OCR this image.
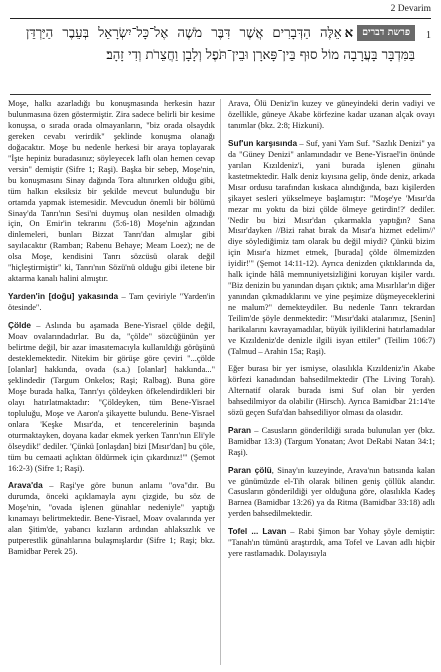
2 Devarim
1
פרשת דבריםאאֵלֶּה הַדְּבָרִים אֲשֶׁר דִּבֶּר מֹשֶׁה אֶל־כָּל־יִשְׂרָאֵל בְּעֵבֶר הַיַּרְדֵּן בַּמִּדְבָּר בָּעֲרָבָה מוֹל סוּף בֵּין־פָּארָן וּבֵין־תֹּפֶל וְלָבָן וַחֲצֵרֹת וְדִי זָהָב׃

Moşe, halkı azarladığı bu konuşmasında herkesin hazır bulunmasına özen göstermiştir. Zira sadece belirli bir kesime konuşsa, o sırada orada olmayanların, "biz orada olsaydık gereken cevabı verirdik" şeklinde konuşma olanağı doğacaktır. Moşe bu nedenle herkesi bir araya toplayarak "İşte hepiniz buradasınız; söyleyecek laflı olan hemen cevap versin" demiştir (Sifre 1; Raşi). Başka bir sebep, Moşe'nin, bu konuşmasını Sinay dağında Tora altınırken olduğu gibi, tüm halkın eksiksiz bir şekilde mevcut bulunduğu bir ortamda yapmak istemesidir. Mevcudun önemli bir bölümü Sinay'da Tanrı'nın Sesi'ni duymuş olan nesilden olmadığı için, On Emir'in tekrarını (5:6-18) Moşe'nin ağzından dinlemeleri, bunları Bizzat Tanrı'dan almışlar gibi sayılacaktır (Ramban; Rabenu Behaye; Meam Loez); ne de olsa Moşe, kendisini Tanrı sözcüsü olarak değil "hiçleştirmiştir" ki, Tanrı'nın Sözü'nü olduğu gibi iletene bir aktarma kanalı halini almıştır.

Yarden'in [doğu] yakasında – Tam çeviriyle "Yarden'in ötesinde".

Çölde – Aslında bu aşamada Bene-Yisrael çölde değil, Moav ovalarındadırlar. Bu da, "çölde" sözcüğünün yer belirtme değil, bir azar imasıtemacıyla kullanıldığı görüşünü desteklemektedir. Nitekim bir görüşe göre çeviri "...çölde [olanlar] hakkında, ovada (s.a.) [olanlar] hakkında..." şeklindedir (Targum Onkelos; Raşi; Ralbag). Buna göre Moşe burada halka, Tanrı'yı çöldeyken öfkelendirdikleri bir olayı hatırlatmaktadır: "Çöldeyken, tüm Bene-Yisrael topluluğu, Moşe ve Aaron'a şikayette bulundu. Bene-Yisrael onlara 'Keşke Mısır'da, et tencerelerinin başında oturmaktayken, doyana kadar ekmek yerken Tanrı'nın Eli'yle ölseydik!' dediler. 'Çünkü [onlaşdan] bizi [Mısır'dan] bu çöle, tüm bu cemaati açlıktan öldürmek için çıkardınız!'" (Şemot 16:2-3) (Sifre 1; Raşi).

Arava'da – Raşi'ye göre bunun anlamı "ova"dır. Bu durumda, önceki açıklamayla aynı çizgide, bu söz de Moşe'nin, "ovada işlenen günahlar nedeniyle" yaptığı kınamayı belirtmektedir. Bene-Yisrael, Moav ovalarında yer alan Şitim'de, yabancı kızların ardından ahlaksızlık ve putperestlik günahlarına bulaşmışlardır (Sifre 1; Raşi; bkz. Bamidbar Perek 25).

Arava, Ölü Deniz'in kuzey ve güneyindeki derin vadiyi ve özellikle, güneye Akabe körfezine kadar uzanan alçak ovayı tanımlar (bkz. 2:8; Hizkuni).

Suf'un karşısında – Suf, yani Yam Suf. "Sazlık Denizi" ya da "Güney Denizi" anlamındadır ve Bene-Yisrael'in önünde yarılan Kızıldeniz'i, yani burada işlenen günahı kastetmektedir. Halk deniz kıyısına gelip, önde deniz, arkada Mısır ordusu tarafından kıskaca alındığında, bazı kişilerden şikayet sesleri yükselmeye başlamıştır: "Moşe'ye 'Mısır'da mezar mı yoktu da bizi çölde ölmeye getirdin!?' dediler. 'Nedir bu bizi Mısır'dan çıkarmakla yaptığın? Sana Mısır'dayken //Bizi rahat bırak da Mısır'a hizmet edelim//' diye söylediğimiz tam olarak bu değil miydi? Çünkü bizim için Mısır'a hizmet etmek, [burada] çölde ölmemizden iyidir!'" (Şemot 14:11-12). Ayrıca denizden çıktıklarında da, halk içinde hâlâ memnuniyetsizliğini koruyan kişiler vardı. "Biz denizin bu yanından dışarı çıktık; ama Mısırlılar'ın diğer yanından çıkmadıklarını ve yine peşimize düşmeyeceklerini ne malum?" demekteydiler. Bu nedenle Tanrı tekrardan Teilim'de şöyle denmektedir: "Mısır'daki atalarımız, [Senin] harikalarını kavrayamadılar, büyük iyiliklerini hatırlamadılar ve Kızıldeniz'de denizle ilgili isyan ettiler" (Teilim 106:7) (Talmud – Arahin 15a; Raşi).

Eğer burası bir yer ismiyse, olasılıkla Kızıldeniz'in Akabe körfezi kanadından bahsedilmektedir (The Living Torah). Alternatif olarak burada ismi Suf olan bir yerden bahsedilmiyor da olabilir (Hirsch). Ayrıca Bamidbar 21:14'te sözü geçen Sufa'dan bahsediliyor olması da olasıdır.

Paran – Casusların gönderildiği sırada bulunulan yer (bkz. Bamidbar 13:3) (Targum Yonatan; Avot DeRabi Natan 34:1; Raşi).

Paran çölü, Sinay'ın kuzeyinde, Arava'nın batısında kalan ve günümüzde el-Tih olarak bilinen geniş çöllük alandır. Casusların gönderildiği yer olduğuna göre, olasılıkla Kadeş Barnea (Bamidbar 13:26) ya da Ritma (Bamidbar 33:18) adlı yerden bahsedilmektedir.

Tofel ... Lavan – Rabi Şimon bar Yohay şöyle demiştir: "Tanah'ın tümünü araştırdık, ama Tofel ve Lavan adlı hiçbir yere rastlamadık. Dolayısıyla
